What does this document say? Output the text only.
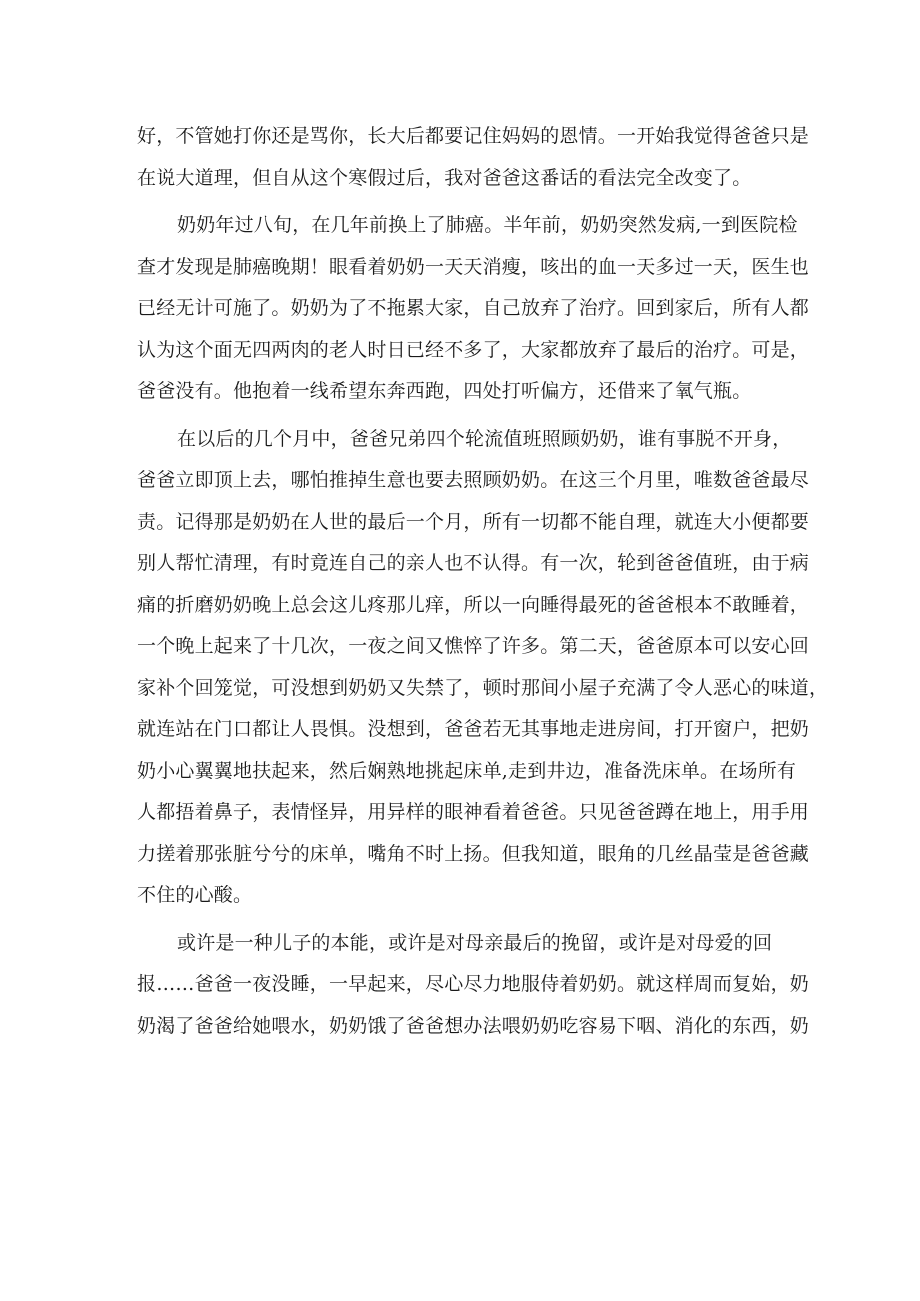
好，不管她打你还是骂你，长大后都要记住妈妈的恩情。一开始我觉得爸爸只是
在说大道理，但自从这个寒假过后，我对爸爸这番话的看法完全改变了。
奶奶年过八旬，在几年前换上了肺癌。半年前，奶奶突然发病,一到医院检
查才发现是肺癌晚期！眼看着奶奶一天天消瘦，咳出的血一天多过一天，医生也
已经无计可施了。奶奶为了不拖累大家，自己放弃了治疗。回到家后，所有人都
认为这个面无四两肉的老人时日已经不多了，大家都放弃了最后的治疗。可是，
爸爸没有。他抱着一线希望东奔西跑，四处打听偏方，还借来了氧气瓶。
在以后的几个月中，爸爸兄弟四个轮流值班照顾奶奶，谁有事脱不开身，
爸爸立即顶上去，哪怕推掉生意也要去照顾奶奶。在这三个月里，唯数爸爸最尽
责。记得那是奶奶在人世的最后一个月，所有一切都不能自理，就连大小便都要
别人帮忙清理，有时竟连自己的亲人也不认得。有一次，轮到爸爸值班，由于病
痛的折磨奶奶晚上总会这儿疼那儿痒，所以一向睡得最死的爸爸根本不敢睡着，
一个晚上起来了十几次，一夜之间又憔悴了许多。第二天，爸爸原本可以安心回
家补个回笼觉，可没想到奶奶又失禁了，顿时那间小屋子充满了令人恶心的味道，
就连站在门口都让人畏惧。没想到，爸爸若无其事地走进房间，打开窗户，把奶
奶小心翼翼地扶起来，然后娴熟地挑起床单,走到井边，准备洗床单。在场所有
人都捂着鼻子，表情怪异，用异样的眼神看着爸爸。只见爸爸蹲在地上，用手用
力搓着那张脏兮兮的床单，嘴角不时上扬。但我知道，眼角的几丝晶莹是爸爸藏
不住的心酸。
或许是一种儿子的本能，或许是对母亲最后的挽留，或许是对母爱的回
报……爸爸一夜没睡，一早起来，尽心尽力地服侍着奶奶。就这样周而复始，奶
奶渴了爸爸给她喂水，奶奶饿了爸爸想办法喂奶奶吃容易下咽、消化的东西，奶
